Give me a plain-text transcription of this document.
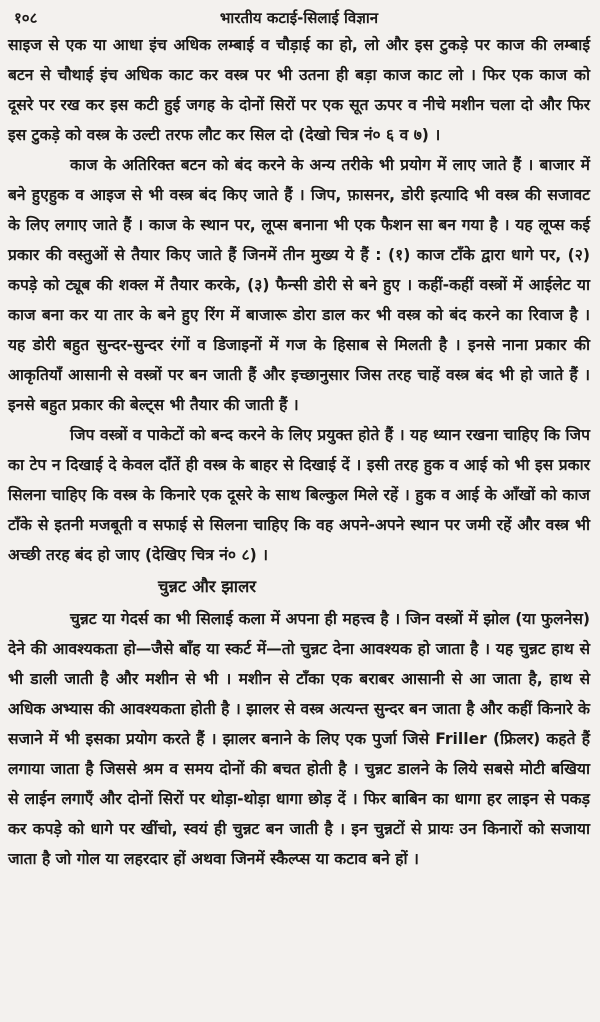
१०८	भारतीय कटाई-सिलाई विज्ञान

साइज से एक या आधा इंच अधिक लम्बाई व चौड़ाई का हो, लो और इस टुकड़े पर काज की लम्बाई बटन से चौथाई इंच अधिक काट कर वस्त्र पर भी उतना ही बड़ा काज काट लो । फिर एक काज को दूसरे पर रख कर इस कटी हुई जगह के दोनों सिरों पर एक सूत ऊपर व नीचे मशीन चला दो और फिर इस टुकड़े को वस्त्र के उल्टी तरफ लौट कर सिल दो (देखो चित्र नं० ६ व ७) ।

काज के अतिरिक्त बटन को बंद करने के अन्य तरीके भी प्रयोग में लाए जाते हैं । बाजार में बने हुएहुक व आइज से भी वस्त्र बंद किए जाते हैं । जिप, फ़ासनर, डोरी इत्यादि भी वस्त्र की सजावट के लिए लगाए जाते हैं । काज के स्थान पर, लूप्स बनाना भी एक फैशन सा बन गया है । यह लूप्स कई प्रकार की वस्तुओं से तैयार किए जाते हैं जिनमें तीन मुख्य ये हैं : (१) काज टाँके द्वारा धागे पर, (२) कपड़े को ट्यूब की शक्ल में तैयार करके, (३) फैन्सी डोरी से बने हुए । कहीं-कहीं वस्त्रों में आईलेट या काज बना कर या तार के बने हुए रिंग में बाजारू डोरा डाल कर भी वस्त्र को बंद करने का रिवाज है । यह डोरी बहुत सुन्दर-सुन्दर रंगों व डिजाइनों में गज के हिसाब से मिलती है । इनसे नाना प्रकार की आकृतियाँ आसानी से वस्त्रों पर बन जाती हैं और इच्छानुसार जिस तरह चाहें वस्त्र बंद भी हो जाते हैं । इनसे बहुत प्रकार की बेल्ट्स भी तैयार की जाती हैं ।

जिप वस्त्रों व पाकेटों को बन्द करने के लिए प्रयुक्त होते हैं । यह ध्यान रखना चाहिए कि जिप का टेप न दिखाई दे केवल दाँतें ही वस्त्र के बाहर से दिखाई दें । इसी तरह हुक व आई को भी इस प्रकार सिलना चाहिए कि वस्त्र के किनारे एक दूसरे के साथ बिल्कुल मिले रहें । हुक व आई के आँखों को काज टाँके से इतनी मजबूती व सफाई से सिलना चाहिए कि वह अपने-अपने स्थान पर जमी रहें और वस्त्र भी अच्छी तरह बंद हो जाए (देखिए चित्र नं० ८) ।

चुन्नट और झालर

चुन्नट या गेदर्स का भी सिलाई कला में अपना ही महत्त्व है । जिन वस्त्रों में झोल (या फुलनेस) देने की आवश्यकता हो—जैसे बाँह या स्कर्ट में—तो चुन्नट देना आवश्यक हो जाता है । यह चुन्नट हाथ से भी डाली जाती है और मशीन से भी । मशीन से टाँका एक बराबर आसानी से आ जाता है, हाथ से अधिक अभ्यास की आवश्यकता होती है । झालर से वस्त्र अत्यन्त सुन्दर बन जाता है और कहीं किनारे के सजाने में भी इसका प्रयोग करते हैं । झालर बनाने के लिए एक पुर्जा जिसे Friller (फ्रिलर) कहते हैं लगाया जाता है जिससे श्रम व समय दोनों की बचत होती है । चुन्नट डालने के लिये सबसे मोटी बखिया से लाईन लगाएँ और दोनों सिरों पर थोड़ा-थोड़ा धागा छोड़ दें । फिर बाबिन का धागा हर लाइन से पकड़ कर कपड़े को धागे पर खींचो, स्वयं ही चुन्नट बन जाती है । इन चुन्नटों से प्रायः उन किनारों को सजाया जाता है जो गोल या लहरदार हों अथवा जिनमें स्कैल्प्स या कटाव बने हों ।
